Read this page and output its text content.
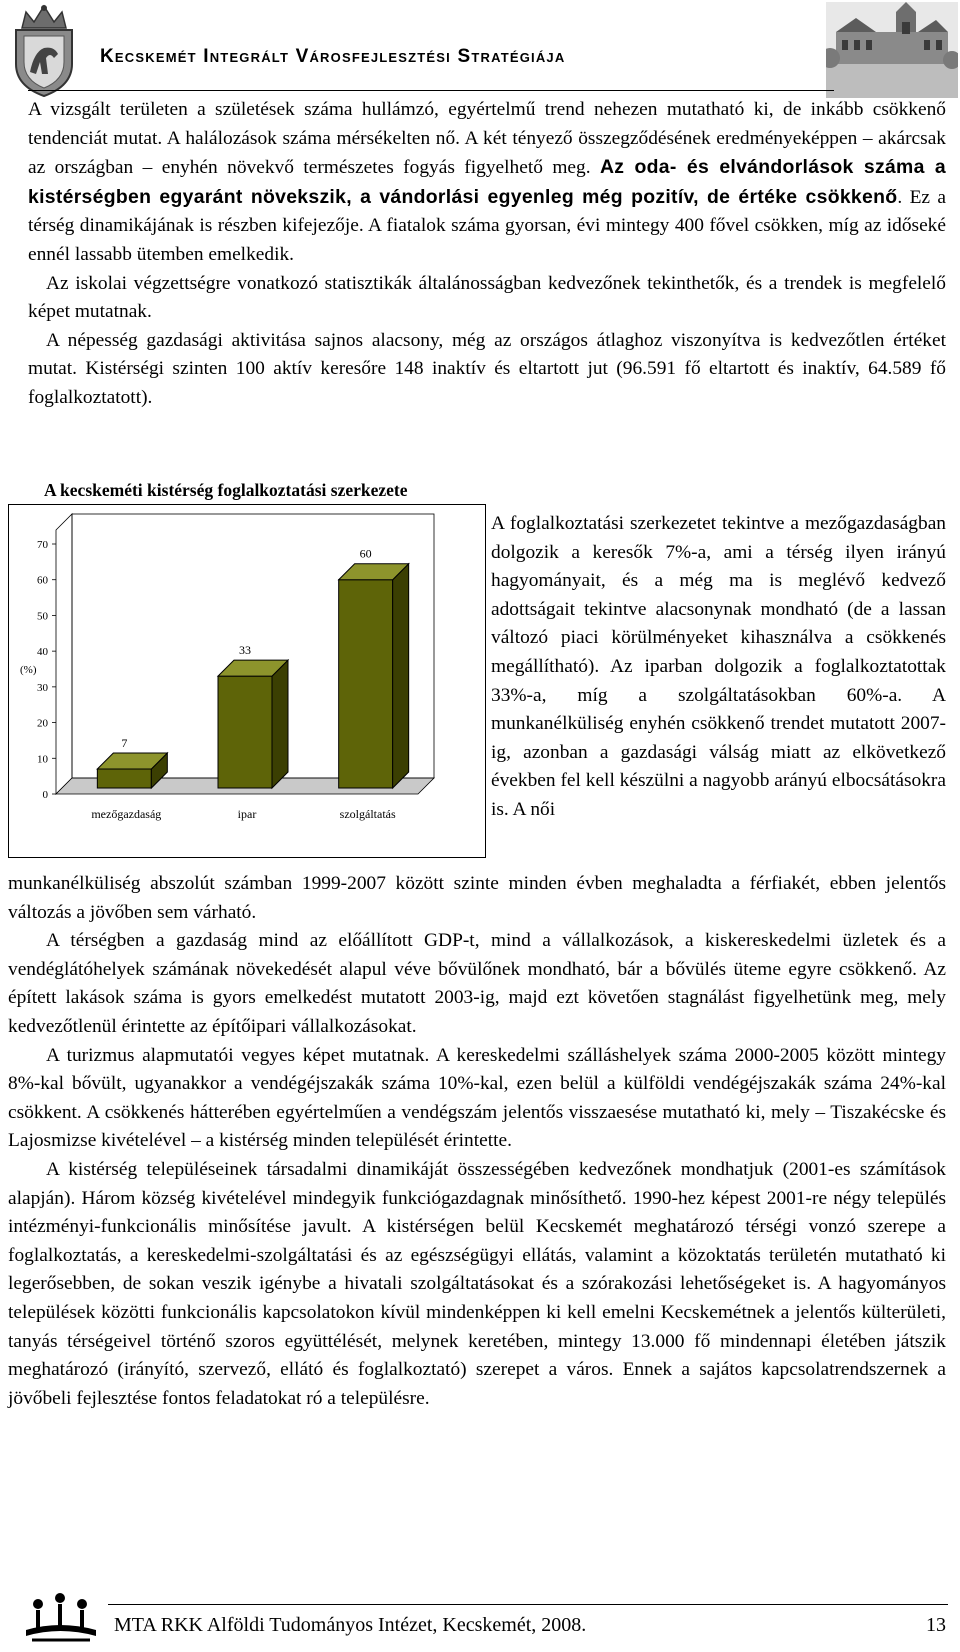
Kecskemét Integrált Városfejlesztési Stratégiája

A vizsgált területen a születések száma hullámzó, egyértelmű trend nehezen mutatható ki, de inkább csökkenő tendenciát mutat. A halálozások száma mérsékelten nő. A két tényező összegződésének eredményeképpen – akárcsak az országban – enyhén növekvő természetes fogyás figyelhető meg. Az oda- és elvándorlások száma a kistérségben egyaránt növekszik, a vándorlási egyenleg még pozitív, de értéke csökkenő. Ez a térség dinamikájának is részben kifejezője. A fiatalok száma gyorsan, évi mintegy 400 fővel csökken, míg az időseké ennél lassabb ütemben emelkedik.

Az iskolai végzettségre vonatkozó statisztikák általánosságban kedvezőnek tekinthetők, és a trendek is megfelelő képet mutatnak.

A népesség gazdasági aktivitása sajnos alacsony, még az országos átlaghoz viszonyítva is kedvezőtlen értéket mutat. Kistérségi szinten 100 aktív keresőre 148 inaktív és eltartott jut (96.591 fő eltartott és inaktív, 64.589 fő foglalkoztatott).

A kecskeméti kistérség foglalkoztatási szerkezete
0
10
20
30
40
50
60
70
(%)
7
mezőgazdaság
33
ipar
60
szolgáltatás

A foglalkoztatási szerkezetet tekintve a mezőgazdaságban dolgozik a keresők 7%-a, ami a térség ilyen irányú hagyományait, és a még ma is meglévő kedvező adottságait tekintve alacsonynak mondható (de a lassan változó piaci körülményeket kihasználva a csökkenés megállítható). Az iparban dolgozik a foglalkoztatottak 33%-a, míg a szolgáltatásokban 60%-a. A munkanélküliség enyhén csökkenő trendet mutatott 2007-ig, azonban a gazdasági válság miatt az elkövetkező években fel kell készülni a nagyobb arányú elbocsátásokra is. A női

munkanélküliség abszolút számban 1999-2007 között szinte minden évben meghaladta a férfiakét, ebben jelentős változás a jövőben sem várható.

A térségben a gazdaság mind az előállított GDP-t, mind a vállalkozások, a kiskereskedelmi üzletek és a vendéglátóhelyek számának növekedését alapul véve bővülőnek mondható, bár a bővülés üteme egyre csökkenő. Az épített lakások száma is gyors emelkedést mutatott 2003-ig, majd ezt követően stagnálást figyelhetünk meg, mely kedvezőtlenül érintette az építőipari vállalkozásokat.

A turizmus alapmutatói vegyes képet mutatnak. A kereskedelmi szálláshelyek száma 2000-2005 között mintegy 8%-kal bővült, ugyanakkor a vendégéjszakák száma 10%-kal, ezen belül a külföldi vendégéjszakák száma 24%-kal csökkent. A csökkenés hátterében egyértelműen a vendégszám jelentős visszaesése mutatható ki, mely – Tiszakécske és Lajosmizse kivételével – a kistérség minden települését érintette.

A kistérség településeinek társadalmi dinamikáját összességében kedvezőnek mondhatjuk (2001-es számítások alapján). Három község kivételével mindegyik funkciógazdagnak minősíthető. 1990-hez képest 2001-re négy település intézményi-funkcionális minősítése javult. A kistérségen belül Kecskemét meghatározó térségi vonzó szerepe a foglalkoztatás, a kereskedelmi-szolgáltatási és az egészségügyi ellátás, valamint a közoktatás területén mutatható ki legerősebben, de sokan veszik igénybe a hivatali szolgáltatásokat és a szórakozási lehetőségeket is. A hagyományos települések közötti funkcionális kapcsolatokon kívül mindenképpen ki kell emelni Kecskemétnek a jelentős külterületi, tanyás térségeivel történő szoros együttélését, melynek keretében, mintegy 13.000 fő mindennapi életében játszik meghatározó (irányító, szervező, ellátó és foglalkoztató) szerepet a város. Ennek a sajátos kapcsolatrendszernek a jövőbeli fejlesztése fontos feladatokat ró a településre.

MTA RKK Alföldi Tudományos Intézet, Kecskemét, 2008.	13
